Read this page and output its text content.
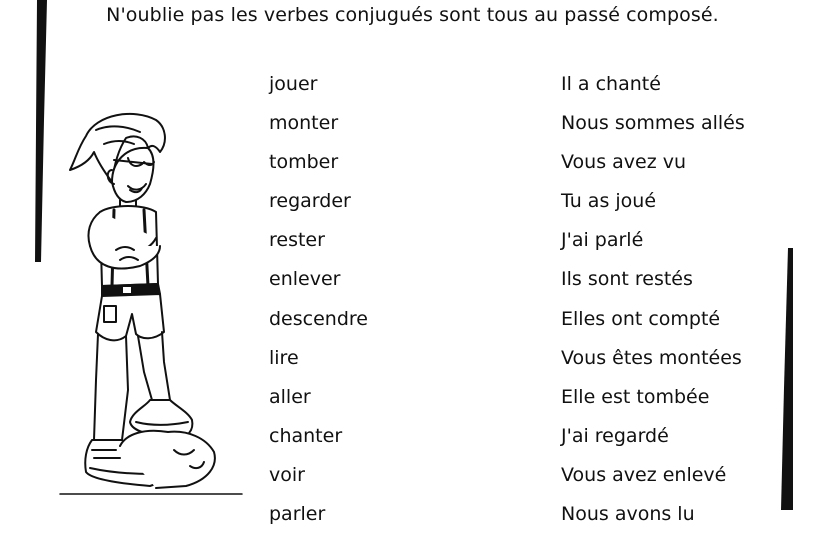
N'oublie pas les verbes conjugués sont tous au passé composé.
jouer
monter
tomber
regarder
rester
enlever
descendre
lire
aller
chanter
voir
parler
Il a chanté
Nous sommes allés
Vous avez vu
Tu as joué
J'ai parlé
Ils sont restés
Elles ont compté
Vous êtes montées
Elle est tombée
J'ai regardé
Vous avez enlevé
Nous avons lu
